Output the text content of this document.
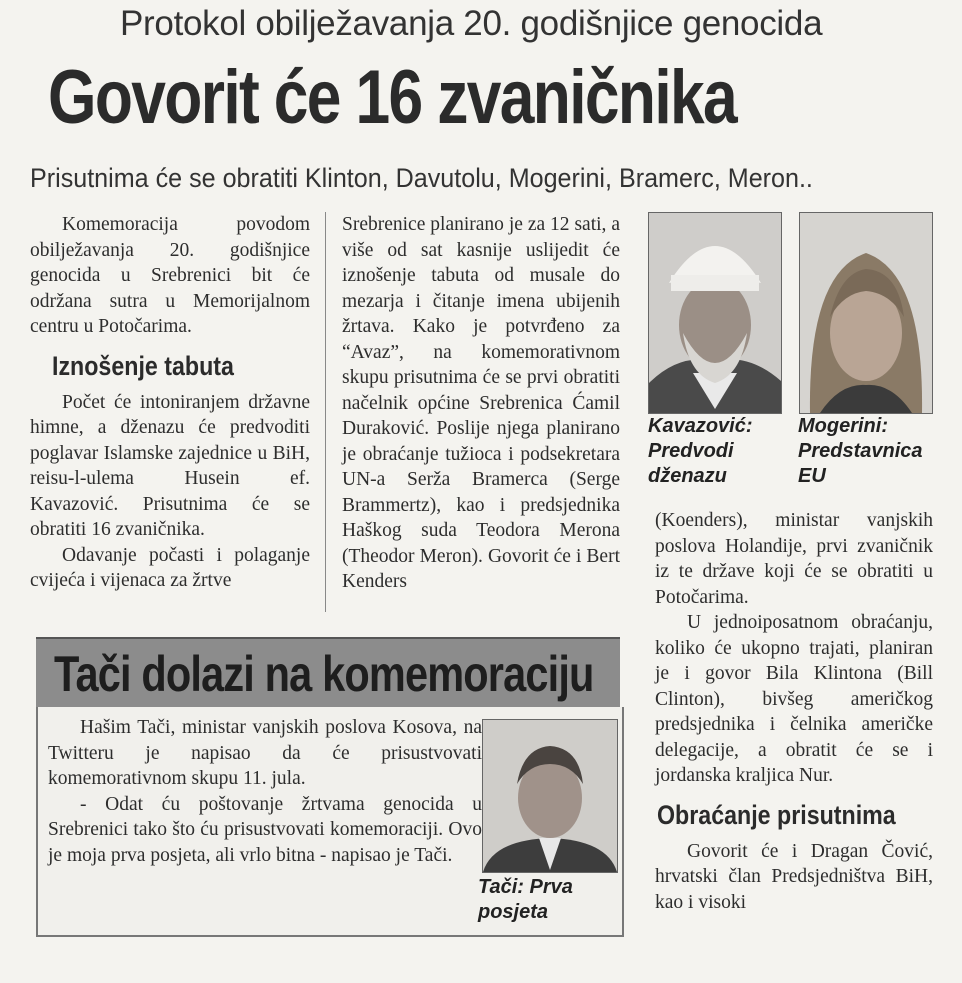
Protokol obilježavanja 20. godišnjice genocida
Govorit će 16 zvaničnika
Prisutnima će se obratiti Klinton, Davutolu, Mogerini, Bramerc, Meron..

Komemoracija povodom obilježavanja 20. godišnjice genocida u Srebrenici bit će održana sutra u Memorijalnom centru u Potočarima.

Iznošenje tabuta

Počet će intoniranjem državne himne, a dženazu će predvoditi poglavar Islamske zajednice u BiH, reisu-l-ulema Husein ef. Kavazović. Prisutnima će se obratiti 16 zvaničnika.

Odavanje počasti i polaganje cvijeća i vijenaca za žrtve

Srebrenice planirano je za 12 sati, a više od sat kasnije uslijedit će iznošenje tabuta od musale do mezarja i čitanje imena ubijenih žrtava. Kako je potvrđeno za “Avaz”, na komemorativnom skupu prisutnima će se prvi obratiti načelnik općine Srebrenica Ćamil Duraković. Poslije njega planirano je obraćanje tužioca i podsekretara UN-a Serža Bramerca (Serge Brammertz), kao i predsjednika Haškog suda Teodora Merona (Theodor Meron). Govorit će i Bert Kenders

Kavazović:
Predvodi
dženazu
Mogerini:
Predstavnica
EU

(Koenders), ministar vanjskih poslova Holandije, prvi zvaničnik iz te države koji će se obratiti u Potočarima.

U jednoiposatnom obraćanju, koliko će ukopno trajati, planiran je i govor Bila Klintona (Bill Clinton), bivšeg američkog predsjednika i čelnika američke delegacije, a obratit će se i jordanska kraljica Nur.

Obraćanje prisutnima

Govorit će i Dragan Čović, hrvatski član Predsjedništva BiH, kao i visoki

Tači dolazi na komemoraciju

Hašim Tači, ministar vanjskih poslova Kosova, na Twitteru je napisao da će prisustvovati komemorativnom skupu 11. jula.

- Odat ću poštovanje žrtvama genocida u Srebrenici tako što ću prisustvovati komemoraciji. Ovo je moja prva posjeta, ali vrlo bitna - napisao je Tači.

Tači: Prva
posjeta
